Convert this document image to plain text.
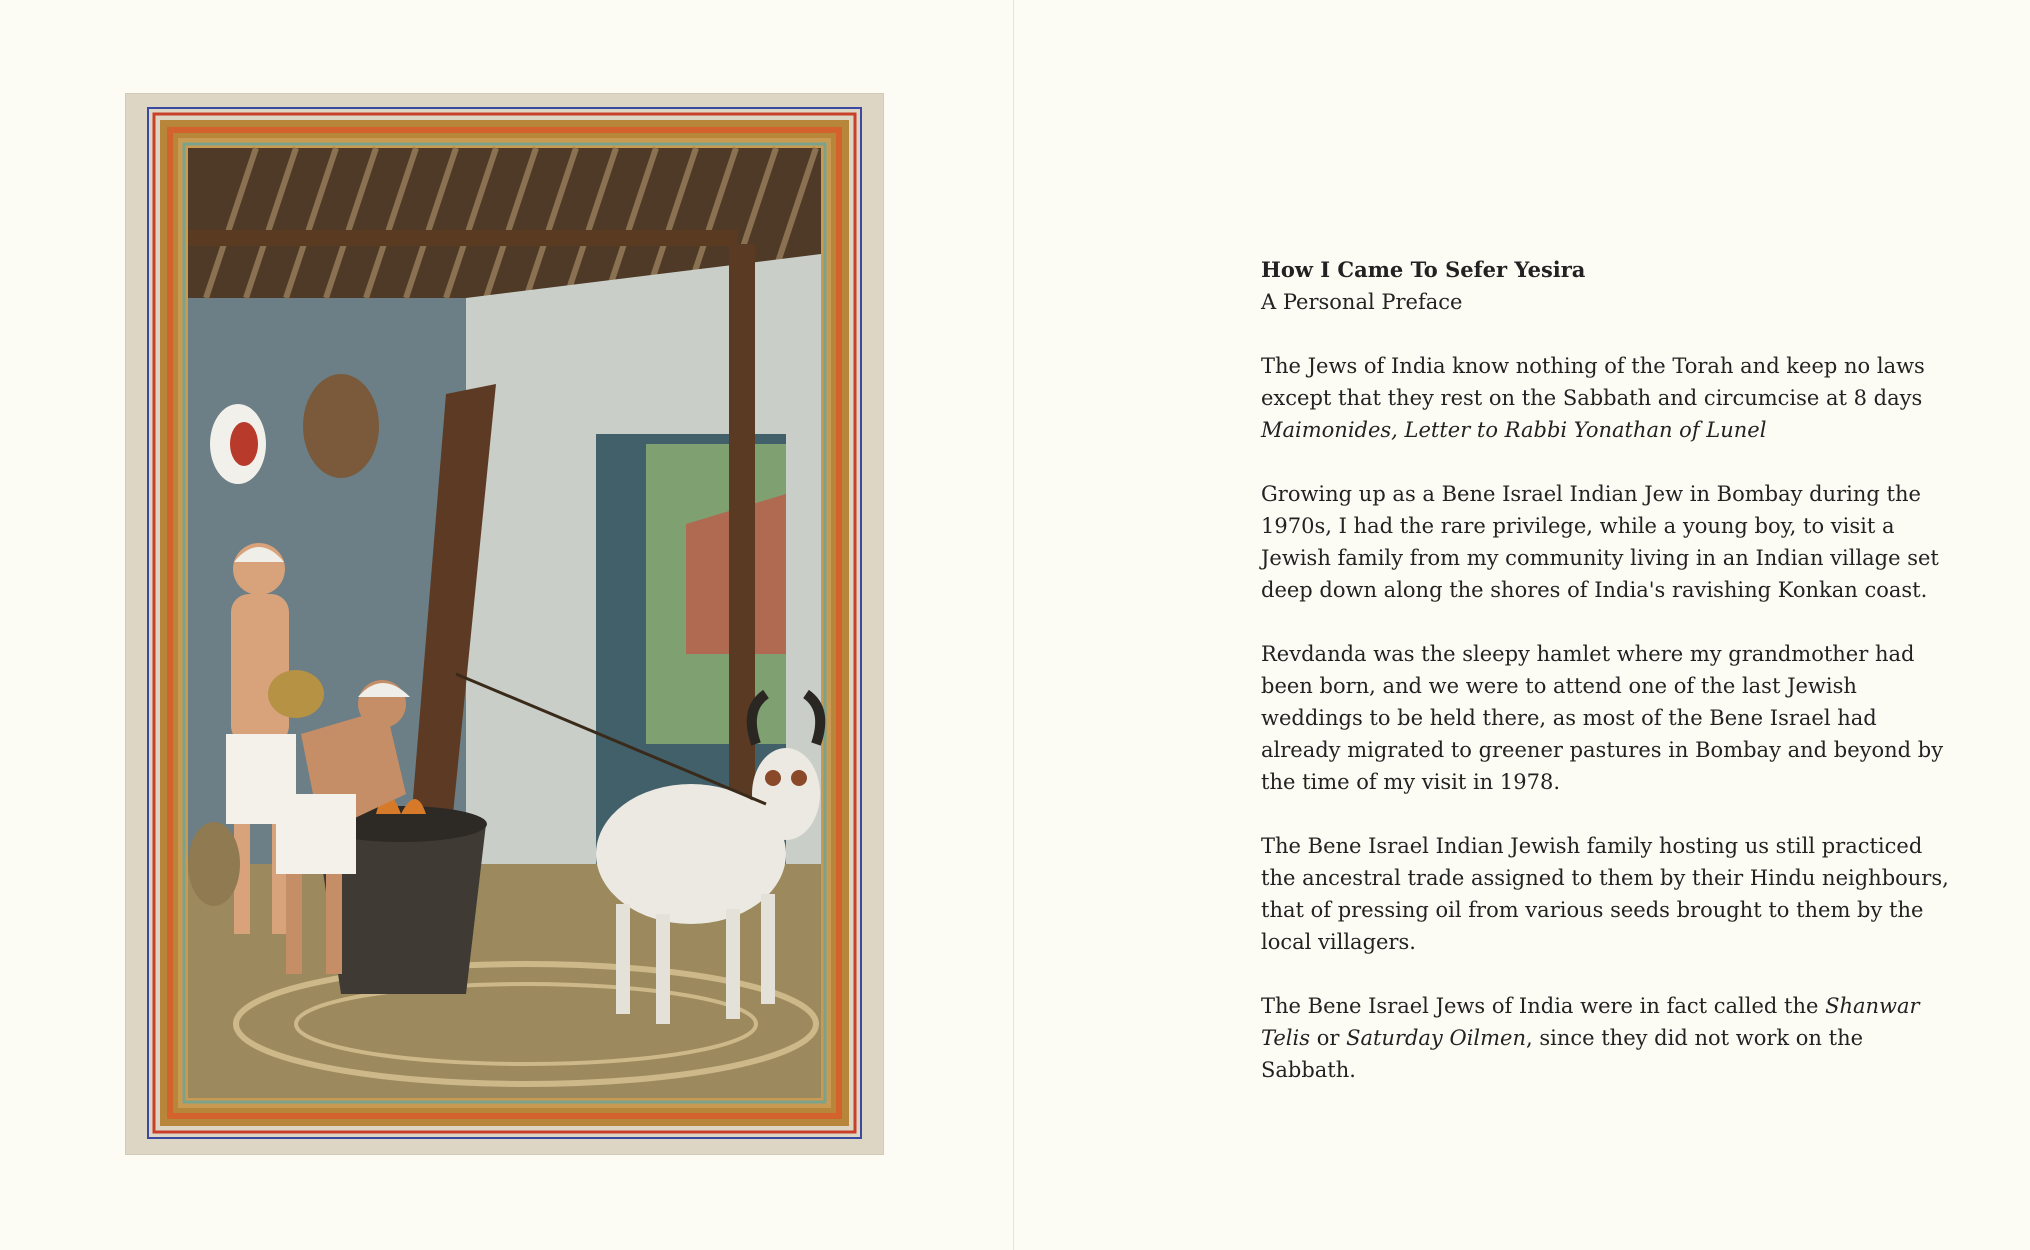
How I Came To Sefer Yesira
A Personal Preface
The Jews of India know nothing of the Torah and keep no laws except that they rest on the Sabbath and circumcise at 8 days
Maimonides, Letter to Rabbi Yonathan of Lunel

Growing up as a Bene Israel Indian Jew in Bombay during the 1970s, I had the rare privilege, while a young boy, to visit a Jewish family from my community living in an Indian village set deep down along the shores of India's ravishing Konkan coast.

Revdanda was the sleepy hamlet where my grandmother had been born, and we were to attend one of the last Jewish weddings to be held there, as most of the Bene Israel had already migrated to greener pastures in Bombay and beyond by the time of my visit in 1978.

The Bene Israel Indian Jewish family hosting us still practiced the ancestral trade assigned to them by their Hindu neighbours, that of pressing oil from various seeds brought to them by the local villagers.

The Bene Israel Jews of India were in fact called the Shanwar Telis or Saturday Oilmen, since they did not work on the Sabbath.
